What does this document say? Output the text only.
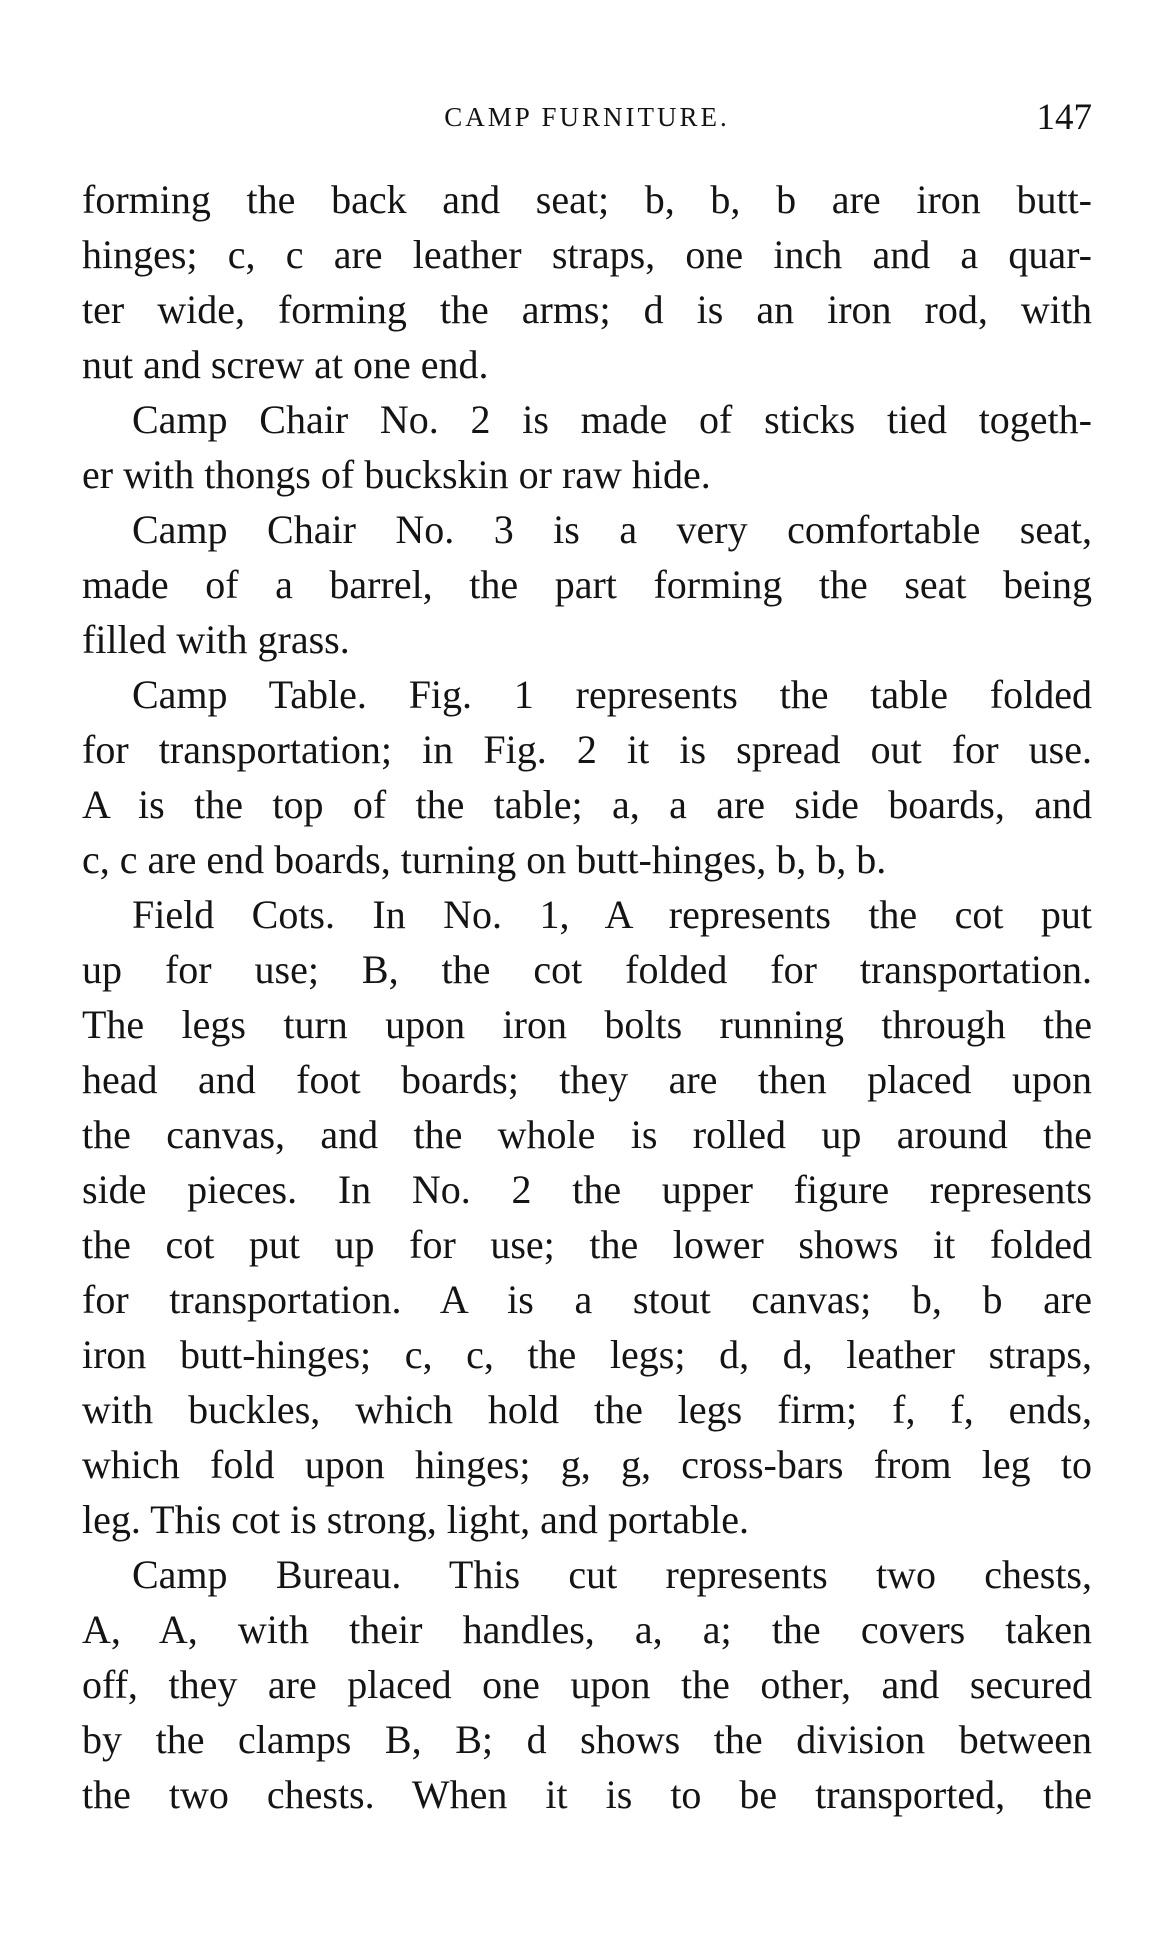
CAMP FURNITURE.	147
forming the back and seat; b, b, b are iron butt-
hinges; c, c are leather straps, one inch and a quar-
ter wide, forming the arms; d is an iron rod, with
nut and screw at one end.
Camp Chair No. 2 is made of sticks tied togeth-
er with thongs of buckskin or raw hide.
Camp Chair No. 3 is a very comfortable seat,
made of a barrel, the part forming the seat being
filled with grass.
Camp Table. Fig. 1 represents the table folded
for transportation; in Fig. 2 it is spread out for use.
A is the top of the table; a, a are side boards, and
c, c are end boards, turning on butt-hinges, b, b, b.
Field Cots. In No. 1, A represents the cot put
up for use; B, the cot folded for transportation.
The legs turn upon iron bolts running through the
head and foot boards; they are then placed upon
the canvas, and the whole is rolled up around the
side pieces. In No. 2 the upper figure represents
the cot put up for use; the lower shows it folded
for transportation. A is a stout canvas; b, b are
iron butt-hinges; c, c, the legs; d, d, leather straps,
with buckles, which hold the legs firm; f, f, ends,
which fold upon hinges; g, g, cross-bars from leg to
leg. This cot is strong, light, and portable.
Camp Bureau. This cut represents two chests,
A, A, with their handles, a, a; the covers taken
off, they are placed one upon the other, and secured
by the clamps B, B; d shows the division between
the two chests. When it is to be transported, the
